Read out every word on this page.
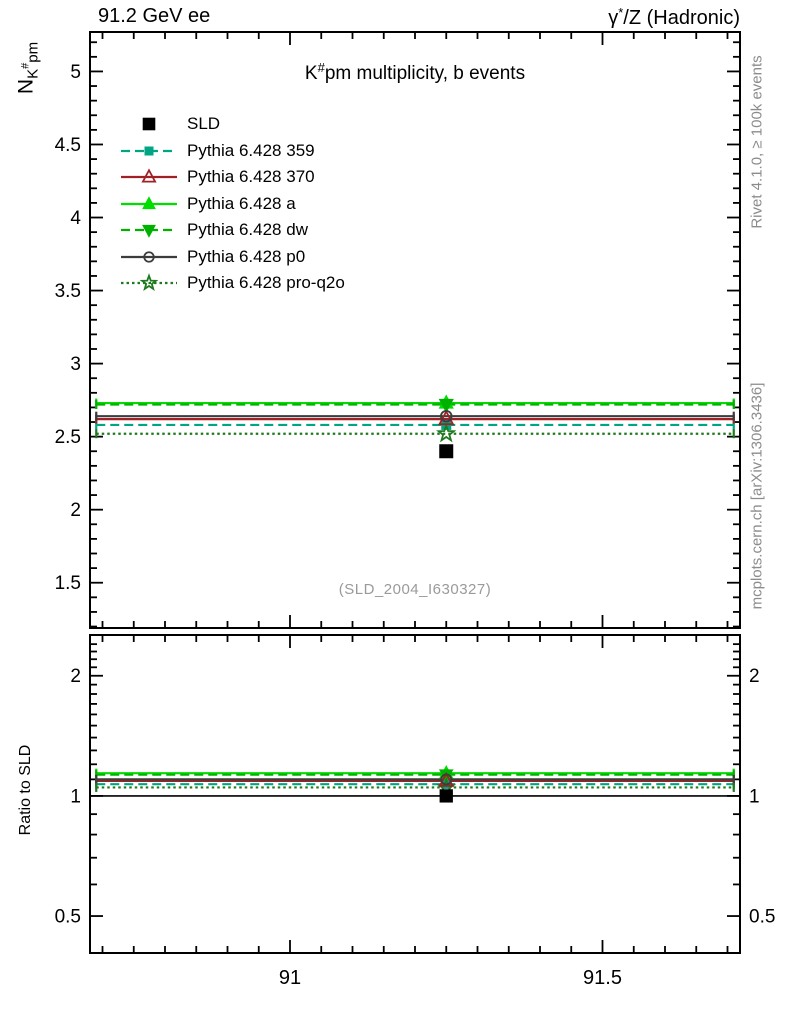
91.2 GeV ee	γ*/Z (Hadronic)
5
4.5
4
3.5
3
2.5
2
1.5
2	2
1	1
0.5	0.5
91	91.5
K#pm multiplicity, b events
SLD
Pythia 6.428 359
Pythia 6.428 370
Pythia 6.428 a
Pythia 6.428 dw
Pythia 6.428 p0
Pythia 6.428 pro-q2o
(SLD_2004_I630327)
Rivet 4.1.0, ≥ 100k events
mcplots.cern.ch [arXiv:1306.3436]
$N_K\#_{pm}$
Ratio to SLD
